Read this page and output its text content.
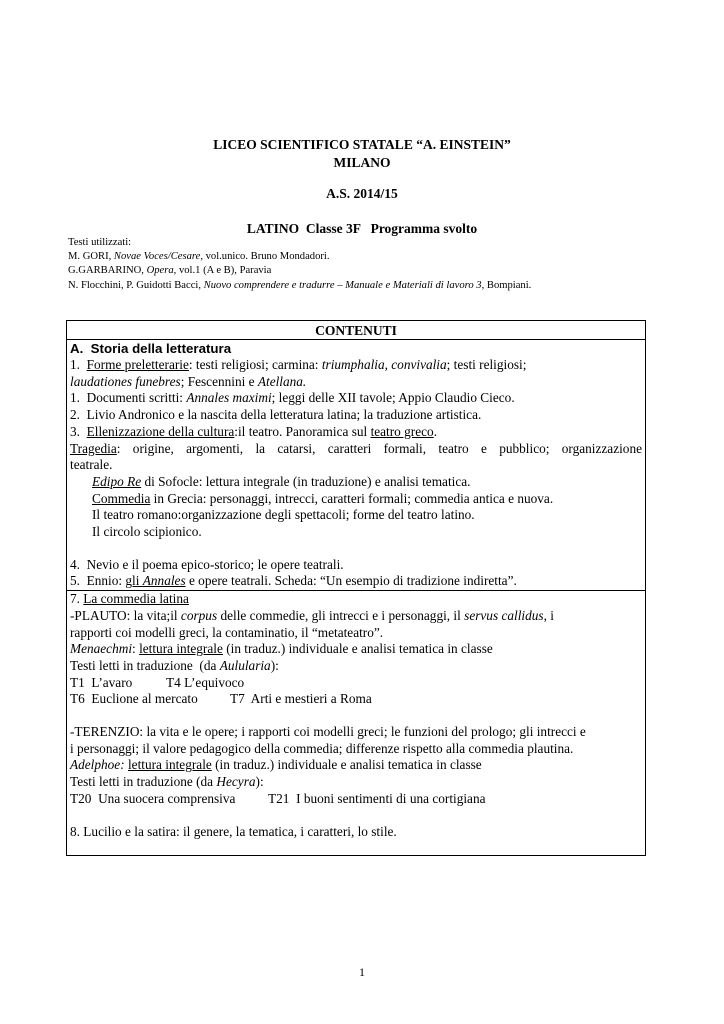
LICEO SCIENTIFICO STATALE “A. EINSTEIN”
MILANO
A.S. 2014/15
LATINO  Classe 3F   Programma svolto
Testi utilizzati:
M. GORI, Novae Voces/Cesare, vol.unico. Bruno Mondadori.
G.GARBARINO, Opera, vol.1 (A e B), Paravia
N. Flocchini, P. Guidotti Bacci, Nuovo comprendere e tradurre – Manuale e Materiali di lavoro 3, Bompiani.
CONTENUTI
A.  Storia della letteratura
1.  Forme preletterarie: testi religiosi; carmina: triumphalia, convivalia; testi religiosi;
laudationes funebres; Fescennini e Atellana.
1.  Documenti scritti: Annales maximi; leggi delle XII tavole; Appio Claudio Cieco.
2.  Livio Andronico e la nascita della letteratura latina; la traduzione artistica.
3.  Ellenizzazione della cultura:il teatro. Panoramica sul teatro greco.
Tragedia: origine, argomenti, la catarsi, caratteri formali, teatro e pubblico; organizzazione
teatrale.
Edipo Re di Sofocle: lettura integrale (in traduzione) e analisi tematica.
Commedia in Grecia: personaggi, intrecci, caratteri formali; commedia antica e nuova.
Il teatro romano:organizzazione degli spettacoli; forme del teatro latino.
Il circolo scipionico.
4.  Nevio e il poema epico-storico; le opere teatrali.
5.  Ennio: gli Annales e opere teatrali. Scheda: “Un esempio di tradizione indiretta”.
7. La commedia latina
-PLAUTO: la vita;il corpus delle commedie, gli intrecci e i personaggi, il servus callidus, i
rapporti coi modelli greci, la contaminatio, il “metateatro”.
Menaechmi: lettura integrale (in traduz.) individuale e analisi tematica in classe
Testi letti in traduzione  (da Aulularia):
T1  L’avaro	T4 L’equivoco
T6  Euclione al mercato T7  Arti e mestieri a Roma
-TERENZIO: la vita e le opere; i rapporti coi modelli greci; le funzioni del prologo; gli intrecci e
i personaggi; il valore pedagogico della commedia; differenze rispetto alla commedia plautina.
Adelphoe: lettura integrale (in traduz.) individuale e analisi tematica in classe
Testi letti in traduzione (da Hecyra):
T20  Una suocera comprensiva T21  I buoni sentimenti di una cortigiana
8. Lucilio e la satira: il genere, la tematica, i caratteri, lo stile.
1
